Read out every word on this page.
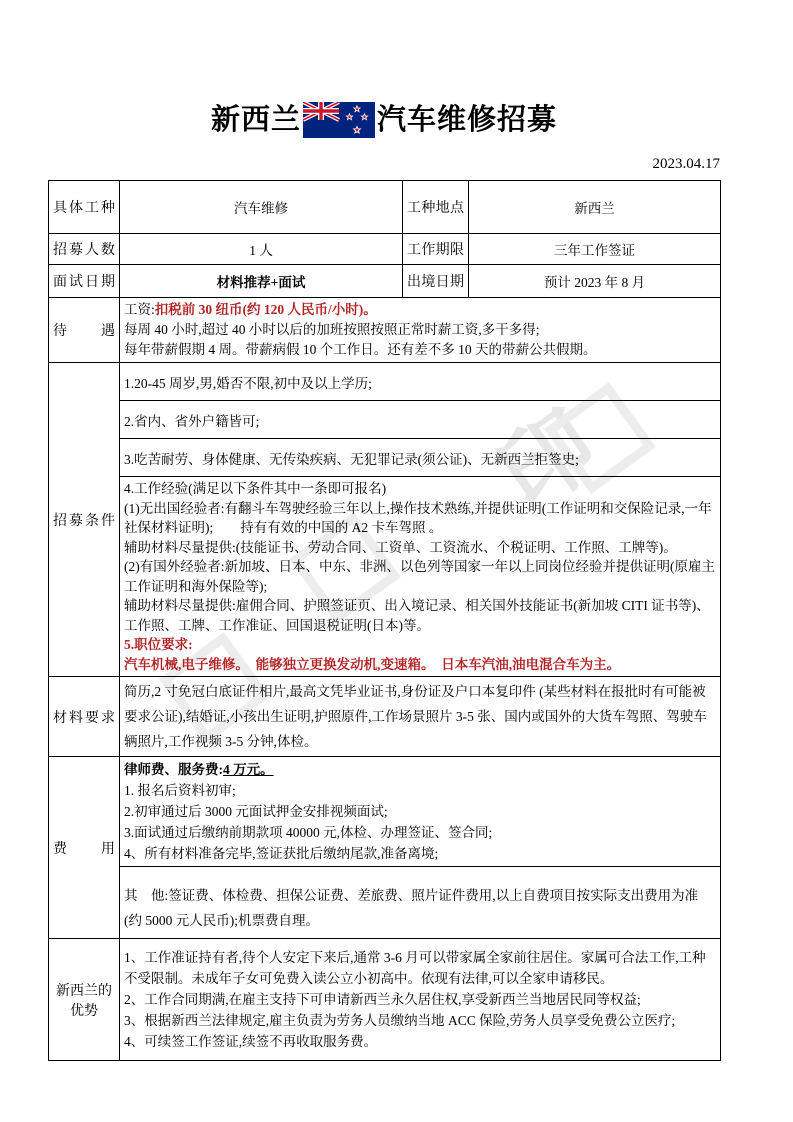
印
新西兰	汽车维修招募
2023.04.17
具体工种	汽车维修	工种地点	新西兰
招募人数	1 人	工作期限	三年工作签证
面试日期	材料推荐+面试	出境日期	预计 2023 年 8 月
待遇	工资:扣税前 30 纽币(约 120 人民币/小时)。
每周 40 小时,超过 40 小时以后的加班按照按照正常时薪工资,多干多得;
每年带薪假期 4 周。带薪病假 10 个工作日。还有差不多 10 天的带薪公共假期。		

招募条件	1.20-45 周岁,男,婚否不限,初中及以上学历;		
	2.省内、省外户籍皆可;		
	3.吃苦耐劳、身体健康、无传染疾病、无犯罪记录(须公证)、无新西兰拒签史;		

4.工作经验(满足以下条件其中一条即可报名)
(1)无出国经验者:有翻斗车驾驶经验三年以上,操作技术熟练,并提供证明(工作证明和交保险记录,一年社保材料证明);　　持有有效的中国的 A2 卡车驾照 。
辅助材料尽量提供:(技能证书、劳动合同、工资单、工资流水、个税证明、工作照、工牌等)。
(2)有国外经验者:新加坡、日本、中东、非洲、以色列等国家一年以上同岗位经验并提供证明(原雇主工作证明和海外保险等);
辅助材料尽量提供:雇佣合同、护照签证页、出入境记录、相关国外技能证书(新加坡 CITI 证书等)、工作照、工牌、工作准证、回国退税证明(日本)等。
5.职位要求:
汽车机械,电子维修。　能够独立更换发动机,变速箱。　日本车汽油,油电混合车为主。

材料要求	简历,2 寸免冠白底证件相片,最高文凭毕业证书,身份证及户口本复印件 (某些材料在报批时有可能被要求公证),结婚证,小孩出生证明,护照原件,工作场景照片 3-5 张、国内或国外的大货车驾照、驾驶车辆照片,工作视频 3-5 分钟,体检。		
费用	律师费、服务费:4 万元。
1. 报名后资料初审;
2.初审通过后 3000 元面试押金安排视频面试;
3.面试通过后缴纳前期款项 40000 元,体检、办理签证、签合同;
4、所有材料准备完毕,签证获批后缴纳尾款,准备离境;		

	其　他:签证费、体检费、担保公证费、差旅费、照片证件费用,以上自费项目按实际支出费用为准(约 5000 元人民币);机票费自理。		
新西兰的优势	1、工作准证持有者,待个人安定下来后,通常 3-6 月可以带家属全家前往居住。家属可合法工作,工种不受限制。未成年子女可免费入读公立小初高中。依现有法律,可以全家申请移民。
2、工作合同期满,在雇主支持下可申请新西兰永久居住权,享受新西兰当地居民同等权益;
3、根据新西兰法律规定,雇主负责为劳务人员缴纳当地 ACC 保险,劳务人员享受免费公立医疗;
4、可续签工作签证,续签不再收取服务费。		
